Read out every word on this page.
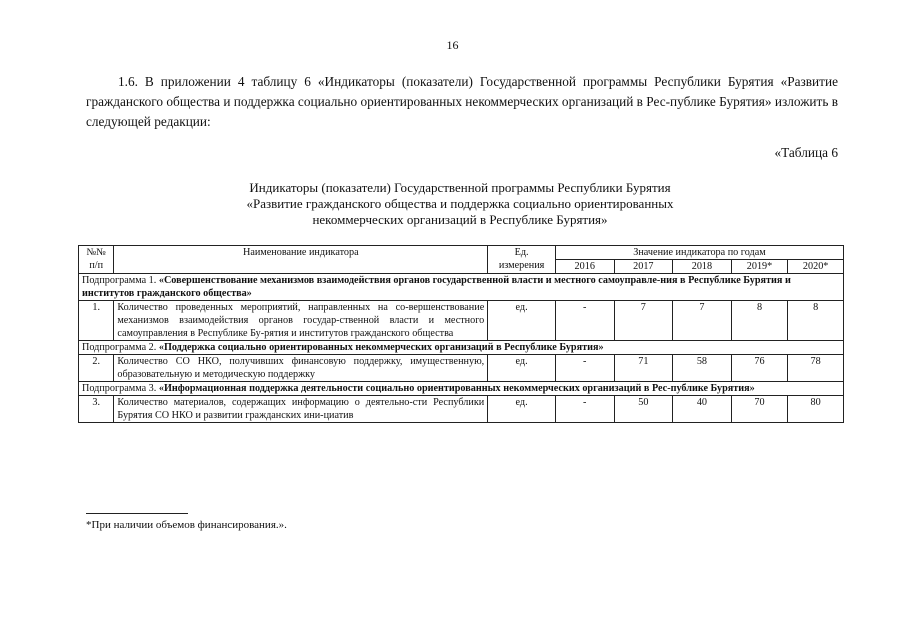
16
1.6. В приложении 4 таблицу 6 «Индикаторы (показатели) Государственной программы Республики Бурятия «Развитие гражданского общества и поддержка социально ориентированных некоммерческих организаций в Рес-публике Бурятия» изложить в следующей редакции:
«Таблица 6
Индикаторы (показатели) Государственной программы Республики Бурятия
«Развитие гражданского общества и поддержка социально ориентированных
некоммерческих организаций в Республике Бурятия»
№№ п/п	Наименование индикатора	Ед. измерения	Значение индикатора по годам				
			2016	2017	2018	2019*	2020*
Подпрограмма 1. «Совершенствование механизмов взаимодействия органов государственной власти и местного самоуправле-ния в Республике Бурятия и институтов гражданского общества»							
1.	Количество проведенных мероприятий, направленных на со-вершенствование механизмов взаимодействия органов государ-ственной власти и местного самоуправления в Республике Бу-рятия и институтов гражданского общества	ед.	-	7	7	8	8
Подпрограмма 2. «Поддержка социально ориентированных некоммерческих организаций в Республике Бурятия»							
2.	Количество СО НКО, получивших финансовую поддержку, имущественную, образовательную и методическую поддержку	ед.	-	71	58	76	78
Подпрограмма 3. «Информационная поддержка деятельности социально ориентированных некоммерческих организаций в Рес-публике Бурятия»							
3.	Количество материалов, содержащих информацию о деятельно-сти Республики Бурятия СО НКО и развитии гражданских ини-циатив	ед.	-	50	40	70	80
*При наличии объемов финансирования.».
